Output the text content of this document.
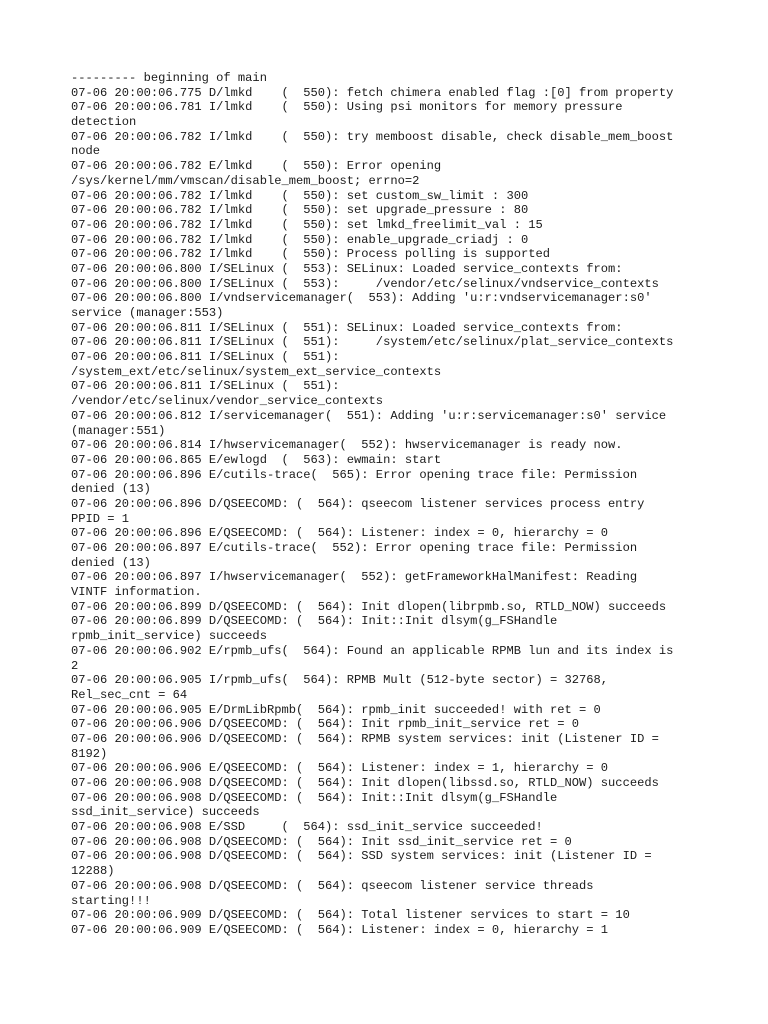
--------- beginning of main
07-06 20:00:06.775 D/lmkd    (  550): fetch chimera enabled flag :[0] from property
07-06 20:00:06.781 I/lmkd    (  550): Using psi monitors for memory pressure
detection
07-06 20:00:06.782 I/lmkd    (  550): try memboost disable, check disable_mem_boost
node
07-06 20:00:06.782 E/lmkd    (  550): Error opening
/sys/kernel/mm/vmscan/disable_mem_boost; errno=2
07-06 20:00:06.782 I/lmkd    (  550): set custom_sw_limit : 300
07-06 20:00:06.782 I/lmkd    (  550): set upgrade_pressure : 80
07-06 20:00:06.782 I/lmkd    (  550): set lmkd_freelimit_val : 15
07-06 20:00:06.782 I/lmkd    (  550): enable_upgrade_criadj : 0
07-06 20:00:06.782 I/lmkd    (  550): Process polling is supported
07-06 20:00:06.800 I/SELinux (  553): SELinux: Loaded service_contexts from:
07-06 20:00:06.800 I/SELinux (  553):     /vendor/etc/selinux/vndservice_contexts
07-06 20:00:06.800 I/vndservicemanager(  553): Adding 'u:r:vndservicemanager:s0'
service (manager:553)
07-06 20:00:06.811 I/SELinux (  551): SELinux: Loaded service_contexts from:
07-06 20:00:06.811 I/SELinux (  551):     /system/etc/selinux/plat_service_contexts
07-06 20:00:06.811 I/SELinux (  551):
/system_ext/etc/selinux/system_ext_service_contexts
07-06 20:00:06.811 I/SELinux (  551):
/vendor/etc/selinux/vendor_service_contexts
07-06 20:00:06.812 I/servicemanager(  551): Adding 'u:r:servicemanager:s0' service
(manager:551)
07-06 20:00:06.814 I/hwservicemanager(  552): hwservicemanager is ready now.
07-06 20:00:06.865 E/ewlogd  (  563): ewmain: start
07-06 20:00:06.896 E/cutils-trace(  565): Error opening trace file: Permission
denied (13)
07-06 20:00:06.896 D/QSEECOMD: (  564): qseecom listener services process entry
PPID = 1
07-06 20:00:06.896 E/QSEECOMD: (  564): Listener: index = 0, hierarchy = 0
07-06 20:00:06.897 E/cutils-trace(  552): Error opening trace file: Permission
denied (13)
07-06 20:00:06.897 I/hwservicemanager(  552): getFrameworkHalManifest: Reading
VINTF information.
07-06 20:00:06.899 D/QSEECOMD: (  564): Init dlopen(librpmb.so, RTLD_NOW) succeeds
07-06 20:00:06.899 D/QSEECOMD: (  564): Init::Init dlsym(g_FSHandle
rpmb_init_service) succeeds
07-06 20:00:06.902 E/rpmb_ufs(  564): Found an applicable RPMB lun and its index is
2
07-06 20:00:06.905 I/rpmb_ufs(  564): RPMB Mult (512-byte sector) = 32768,
Rel_sec_cnt = 64
07-06 20:00:06.905 E/DrmLibRpmb(  564): rpmb_init succeeded! with ret = 0
07-06 20:00:06.906 D/QSEECOMD: (  564): Init rpmb_init_service ret = 0
07-06 20:00:06.906 D/QSEECOMD: (  564): RPMB system services: init (Listener ID =
8192)
07-06 20:00:06.906 E/QSEECOMD: (  564): Listener: index = 1, hierarchy = 0
07-06 20:00:06.908 D/QSEECOMD: (  564): Init dlopen(libssd.so, RTLD_NOW) succeeds
07-06 20:00:06.908 D/QSEECOMD: (  564): Init::Init dlsym(g_FSHandle
ssd_init_service) succeeds
07-06 20:00:06.908 E/SSD     (  564): ssd_init_service succeeded!
07-06 20:00:06.908 D/QSEECOMD: (  564): Init ssd_init_service ret = 0
07-06 20:00:06.908 D/QSEECOMD: (  564): SSD system services: init (Listener ID =
12288)
07-06 20:00:06.908 D/QSEECOMD: (  564): qseecom listener service threads
starting!!!
07-06 20:00:06.909 D/QSEECOMD: (  564): Total listener services to start = 10
07-06 20:00:06.909 E/QSEECOMD: (  564): Listener: index = 0, hierarchy = 1
